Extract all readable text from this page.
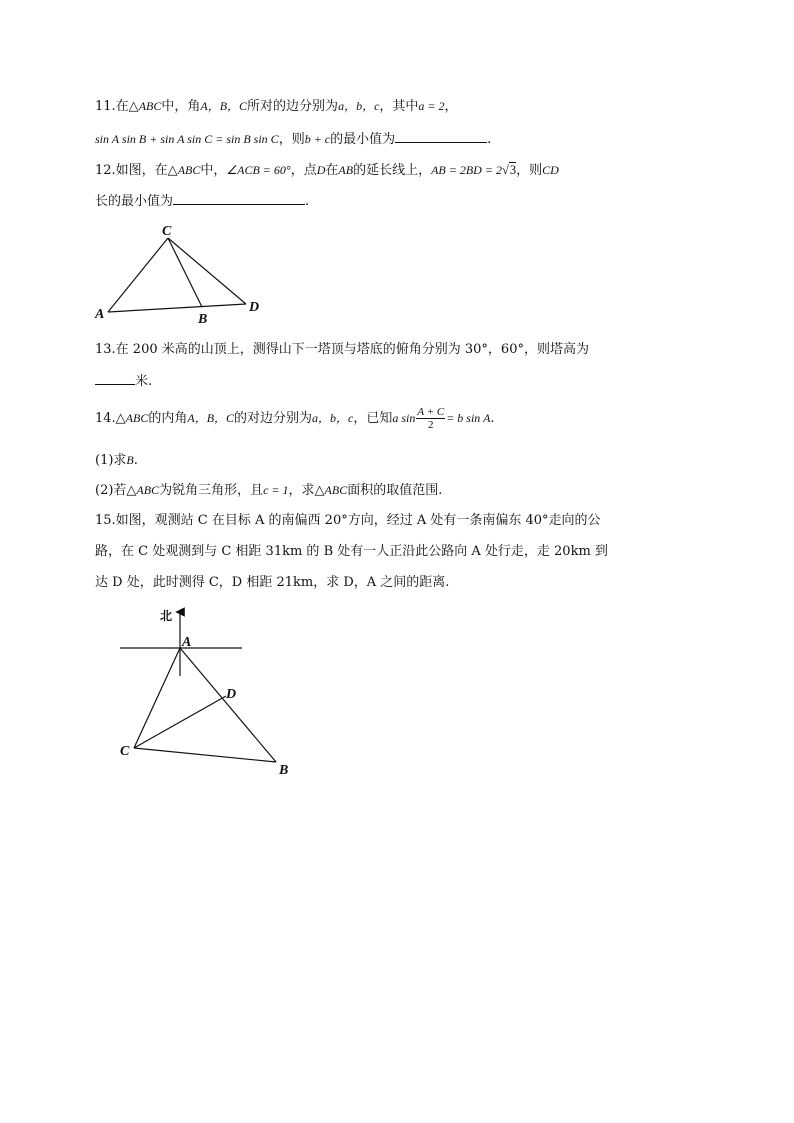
11.在△ABC中，角A，B，C所对的边分别为a，b，c，其中a = 2，
sin A sin B + sin A sin C = sin B sin C，则b + c的最小值为	.
12.如图，在△ABC中，∠ACB = 60°，点D在AB的延长线上，AB = 2BD = 2√3，则CD
长的最小值为	.
C
A	B
D
13.在 200 米高的山顶上，测得山下一塔顶与塔底的俯角分别为 30°，60°，则塔高为
米.
14.△ABC的内角A，B，C的对边分别为a，b，c，已知a $\sin \frac{A + C}{2} = b$ sin A.
(1)求B.
(2)若△ABC为锐角三角形，且c = 1，求△ABC面积的取值范围.
15.如图，观测站 C 在目标 A 的南偏西 20°方向，经过 A 处有一条南偏东 40°走向的公
路，在 C 处观测到与 C 相距 31km 的 B 处有一人正沿此公路向 A 处行走，走 20km 到
达 D 处，此时测得 C，D 相距 21km，求 D，A 之间的距离.
北
A
D
C
B
